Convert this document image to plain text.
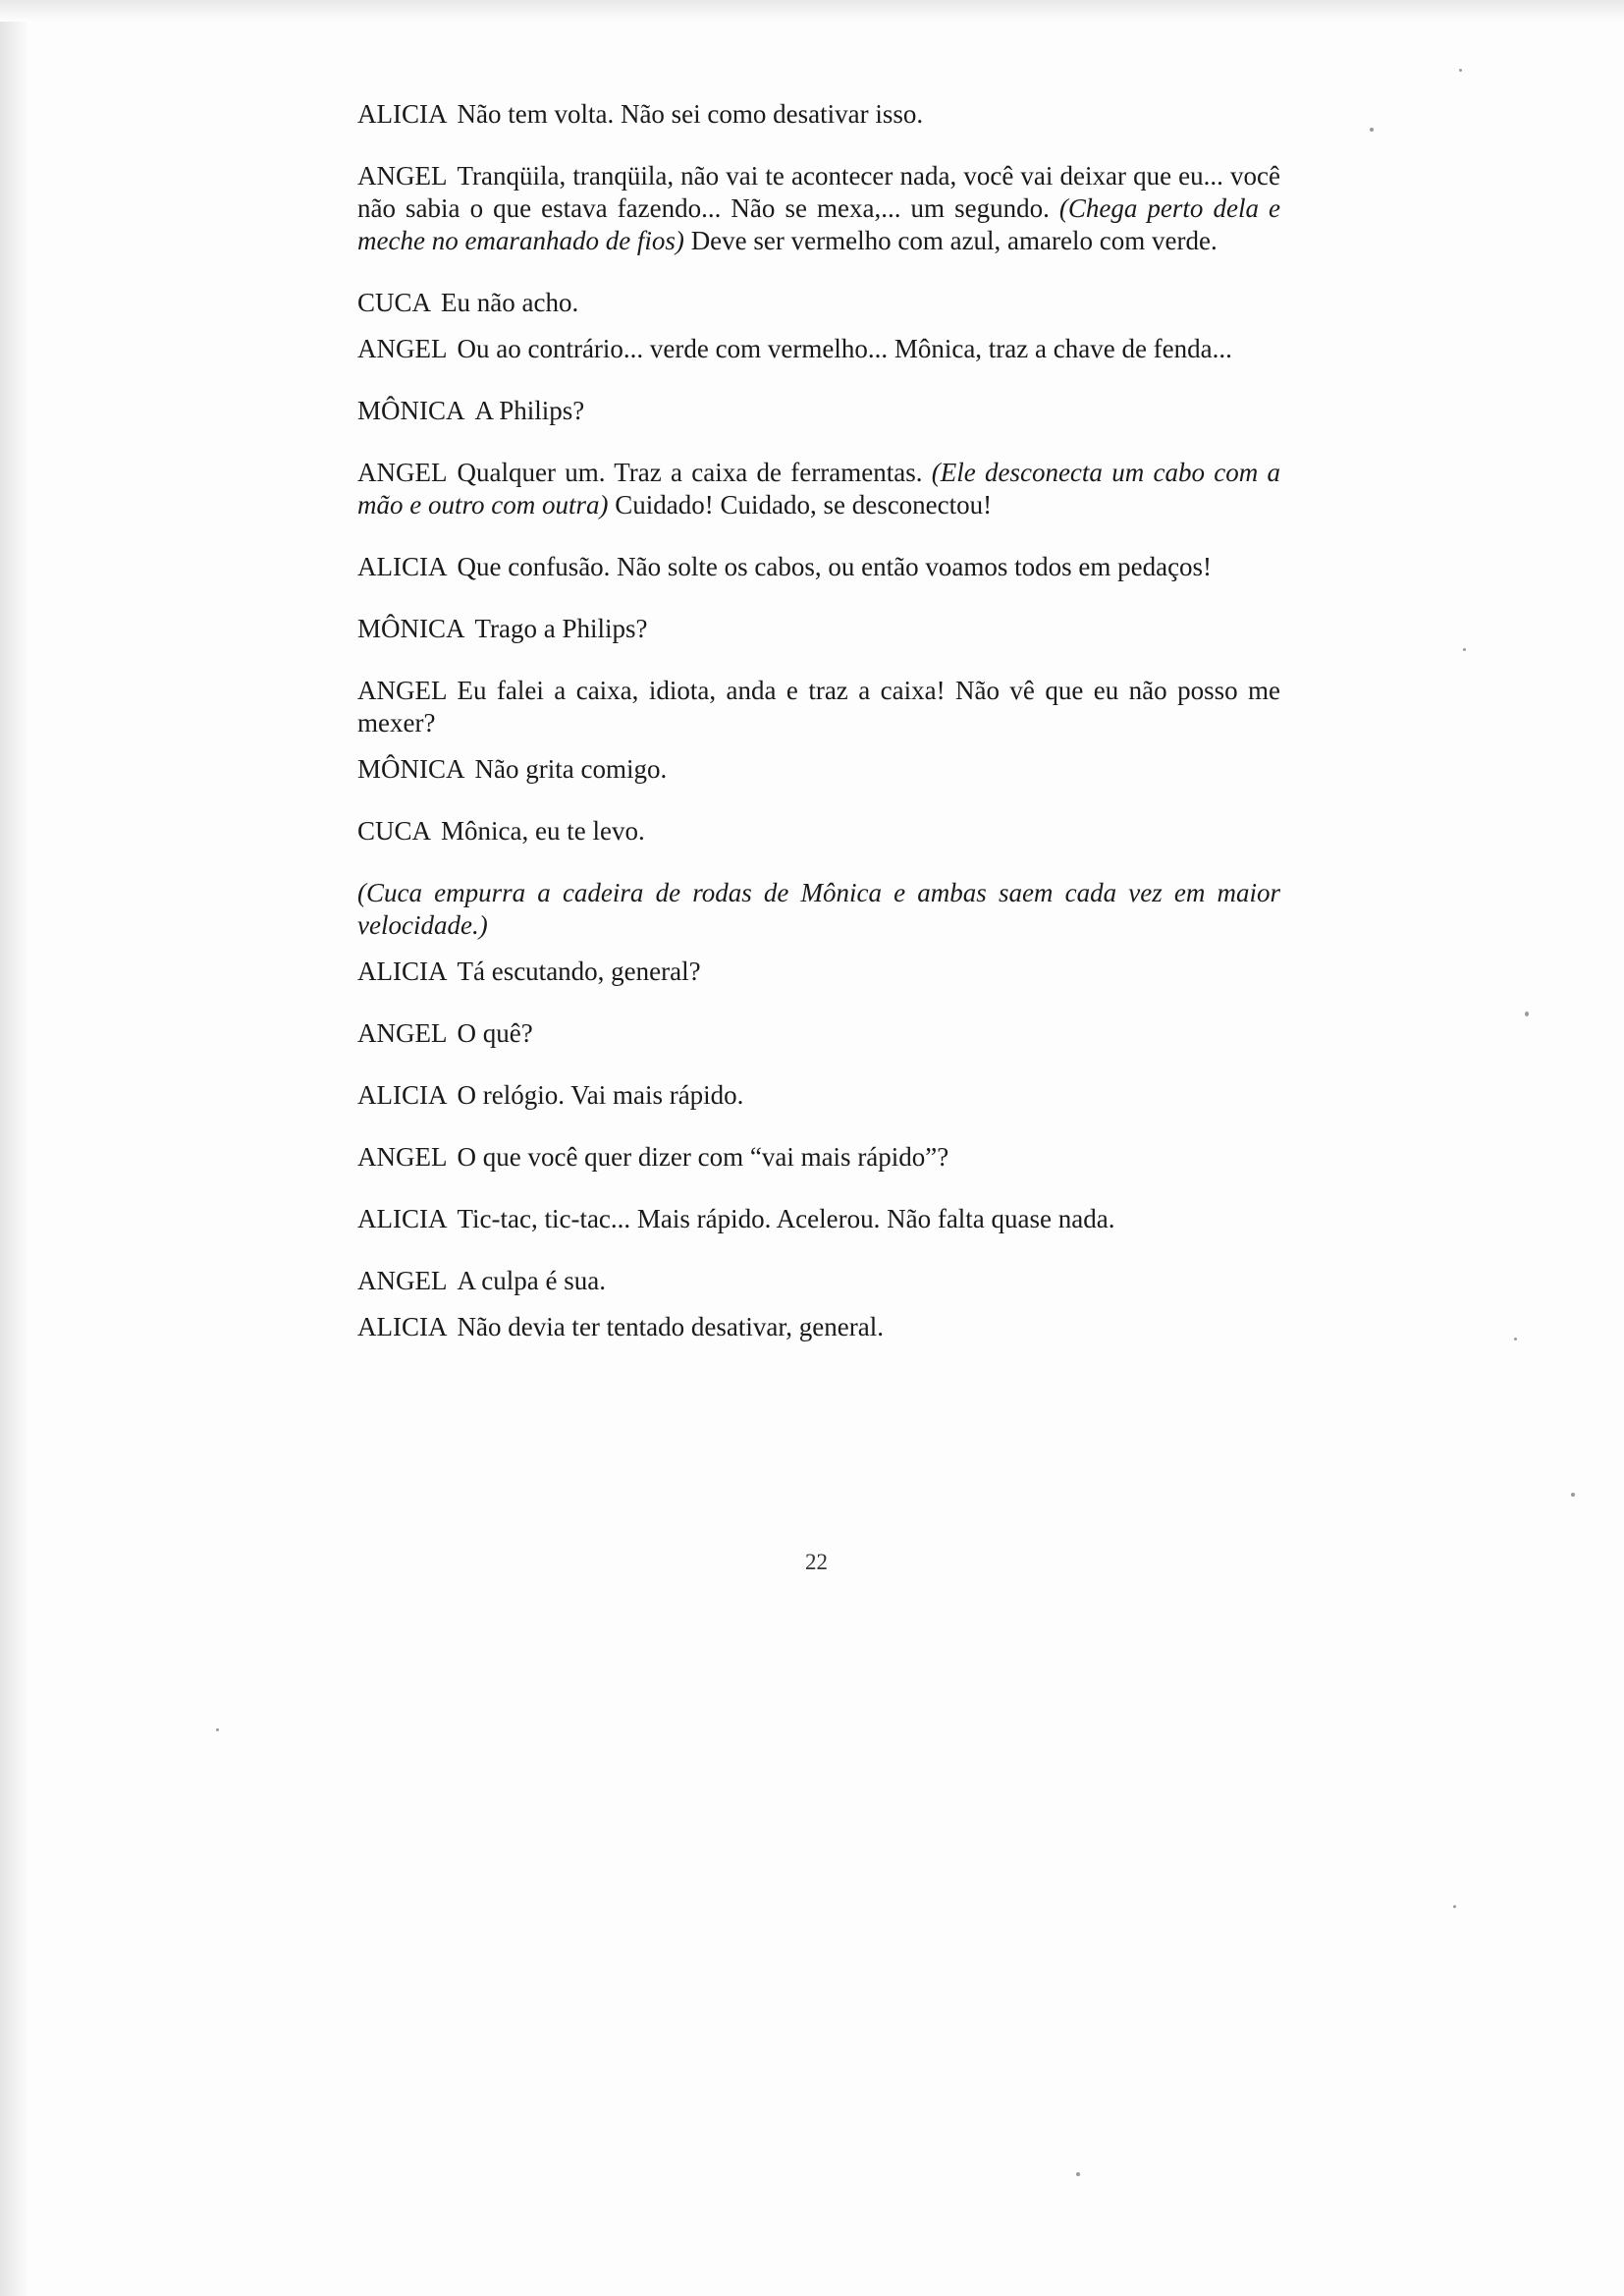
ALICIA Não tem volta. Não sei como desativar isso.

ANGEL Tranqüila, tranqüila, não vai te acontecer nada, você vai deixar que eu... você não sabia o que estava fazendo... Não se mexa,... um segundo. (Chega perto dela e meche no emaranhado de fios) Deve ser vermelho com azul, amarelo com verde.

CUCA Eu não acho.

ANGEL Ou ao contrário... verde com vermelho... Mônica, traz a chave de fenda...

MÔNICA A Philips?

ANGEL Qualquer um. Traz a caixa de ferramentas. (Ele desconecta um cabo com a mão e outro com outra) Cuidado! Cuidado, se desconectou!

ALICIA Que confusão. Não solte os cabos, ou então voamos todos em pedaços!

MÔNICA Trago a Philips?

ANGEL Eu falei a caixa, idiota, anda e traz a caixa! Não vê que eu não posso me mexer?

MÔNICA Não grita comigo.

CUCA Mônica, eu te levo.

(Cuca empurra a cadeira de rodas de Mônica e ambas saem cada vez em maior velocidade.)

ALICIA Tá escutando, general?

ANGEL O quê?

ALICIA O relógio. Vai mais rápido.

ANGEL O que você quer dizer com “vai mais rápido”?

ALICIA Tic-tac, tic-tac... Mais rápido. Acelerou. Não falta quase nada.

ANGEL A culpa é sua.

ALICIA Não devia ter tentado desativar, general.

22
